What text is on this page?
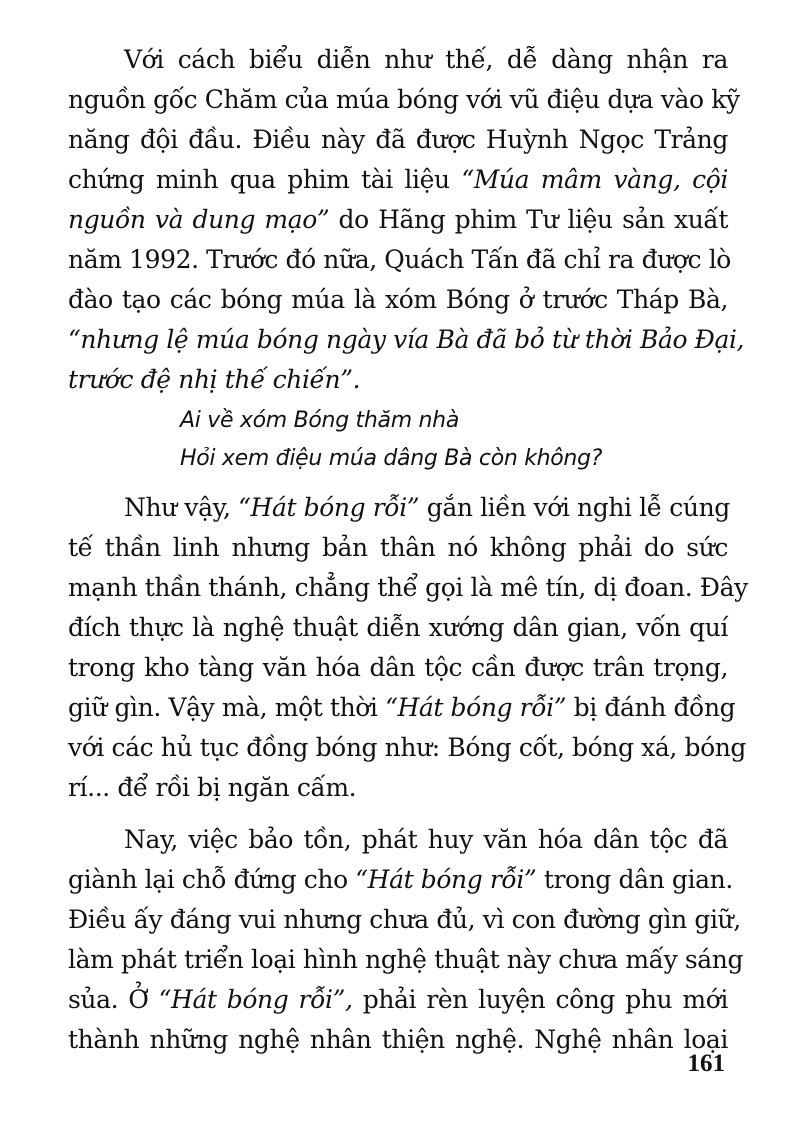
Với cách biểu diễn như thế, dễ dàng nhận ra
nguồn gốc Chăm của múa bóng với vũ điệu dựa vào kỹ
năng đội đầu. Điều này đã được Huỳnh Ngọc Trảng
chứng minh qua phim tài liệu “Múa mâm vàng, cội
nguồn và dung mạo” do Hãng phim Tư liệu sản xuất
năm 1992. Trước đó nữa, Quách Tấn đã chỉ ra được lò
đào tạo các bóng múa là xóm Bóng ở trước Tháp Bà,
“nhưng lệ múa bóng ngày vía Bà đã bỏ từ thời Bảo Đại,
trước đệ nhị thế chiến”.

Ai về xóm Bóng thăm nhà
Hỏi xem điệu múa dâng Bà còn không?

Như vậy, “Hát bóng rỗi” gắn liền với nghi lễ cúng
tế thần linh nhưng bản thân nó không phải do sức
mạnh thần thánh, chẳng thể gọi là mê tín, dị đoan. Đây
đích thực là nghệ thuật diễn xướng dân gian, vốn quí
trong kho tàng văn hóa dân tộc cần được trân trọng,
giữ gìn. Vậy mà, một thời “Hát bóng rỗi” bị đánh đồng
với các hủ tục đồng bóng như: Bóng cốt, bóng xá, bóng
rí... để rồi bị ngăn cấm.

Nay, việc bảo tồn, phát huy văn hóa dân tộc đã
giành lại chỗ đứng cho “Hát bóng rỗi” trong dân gian.
Điều ấy đáng vui nhưng chưa đủ, vì con đường gìn giữ,
làm phát triển loại hình nghệ thuật này chưa mấy sáng
sủa. Ở “Hát bóng rỗi”, phải rèn luyện công phu mới
thành những nghệ nhân thiện nghệ. Nghệ nhân loại

161
